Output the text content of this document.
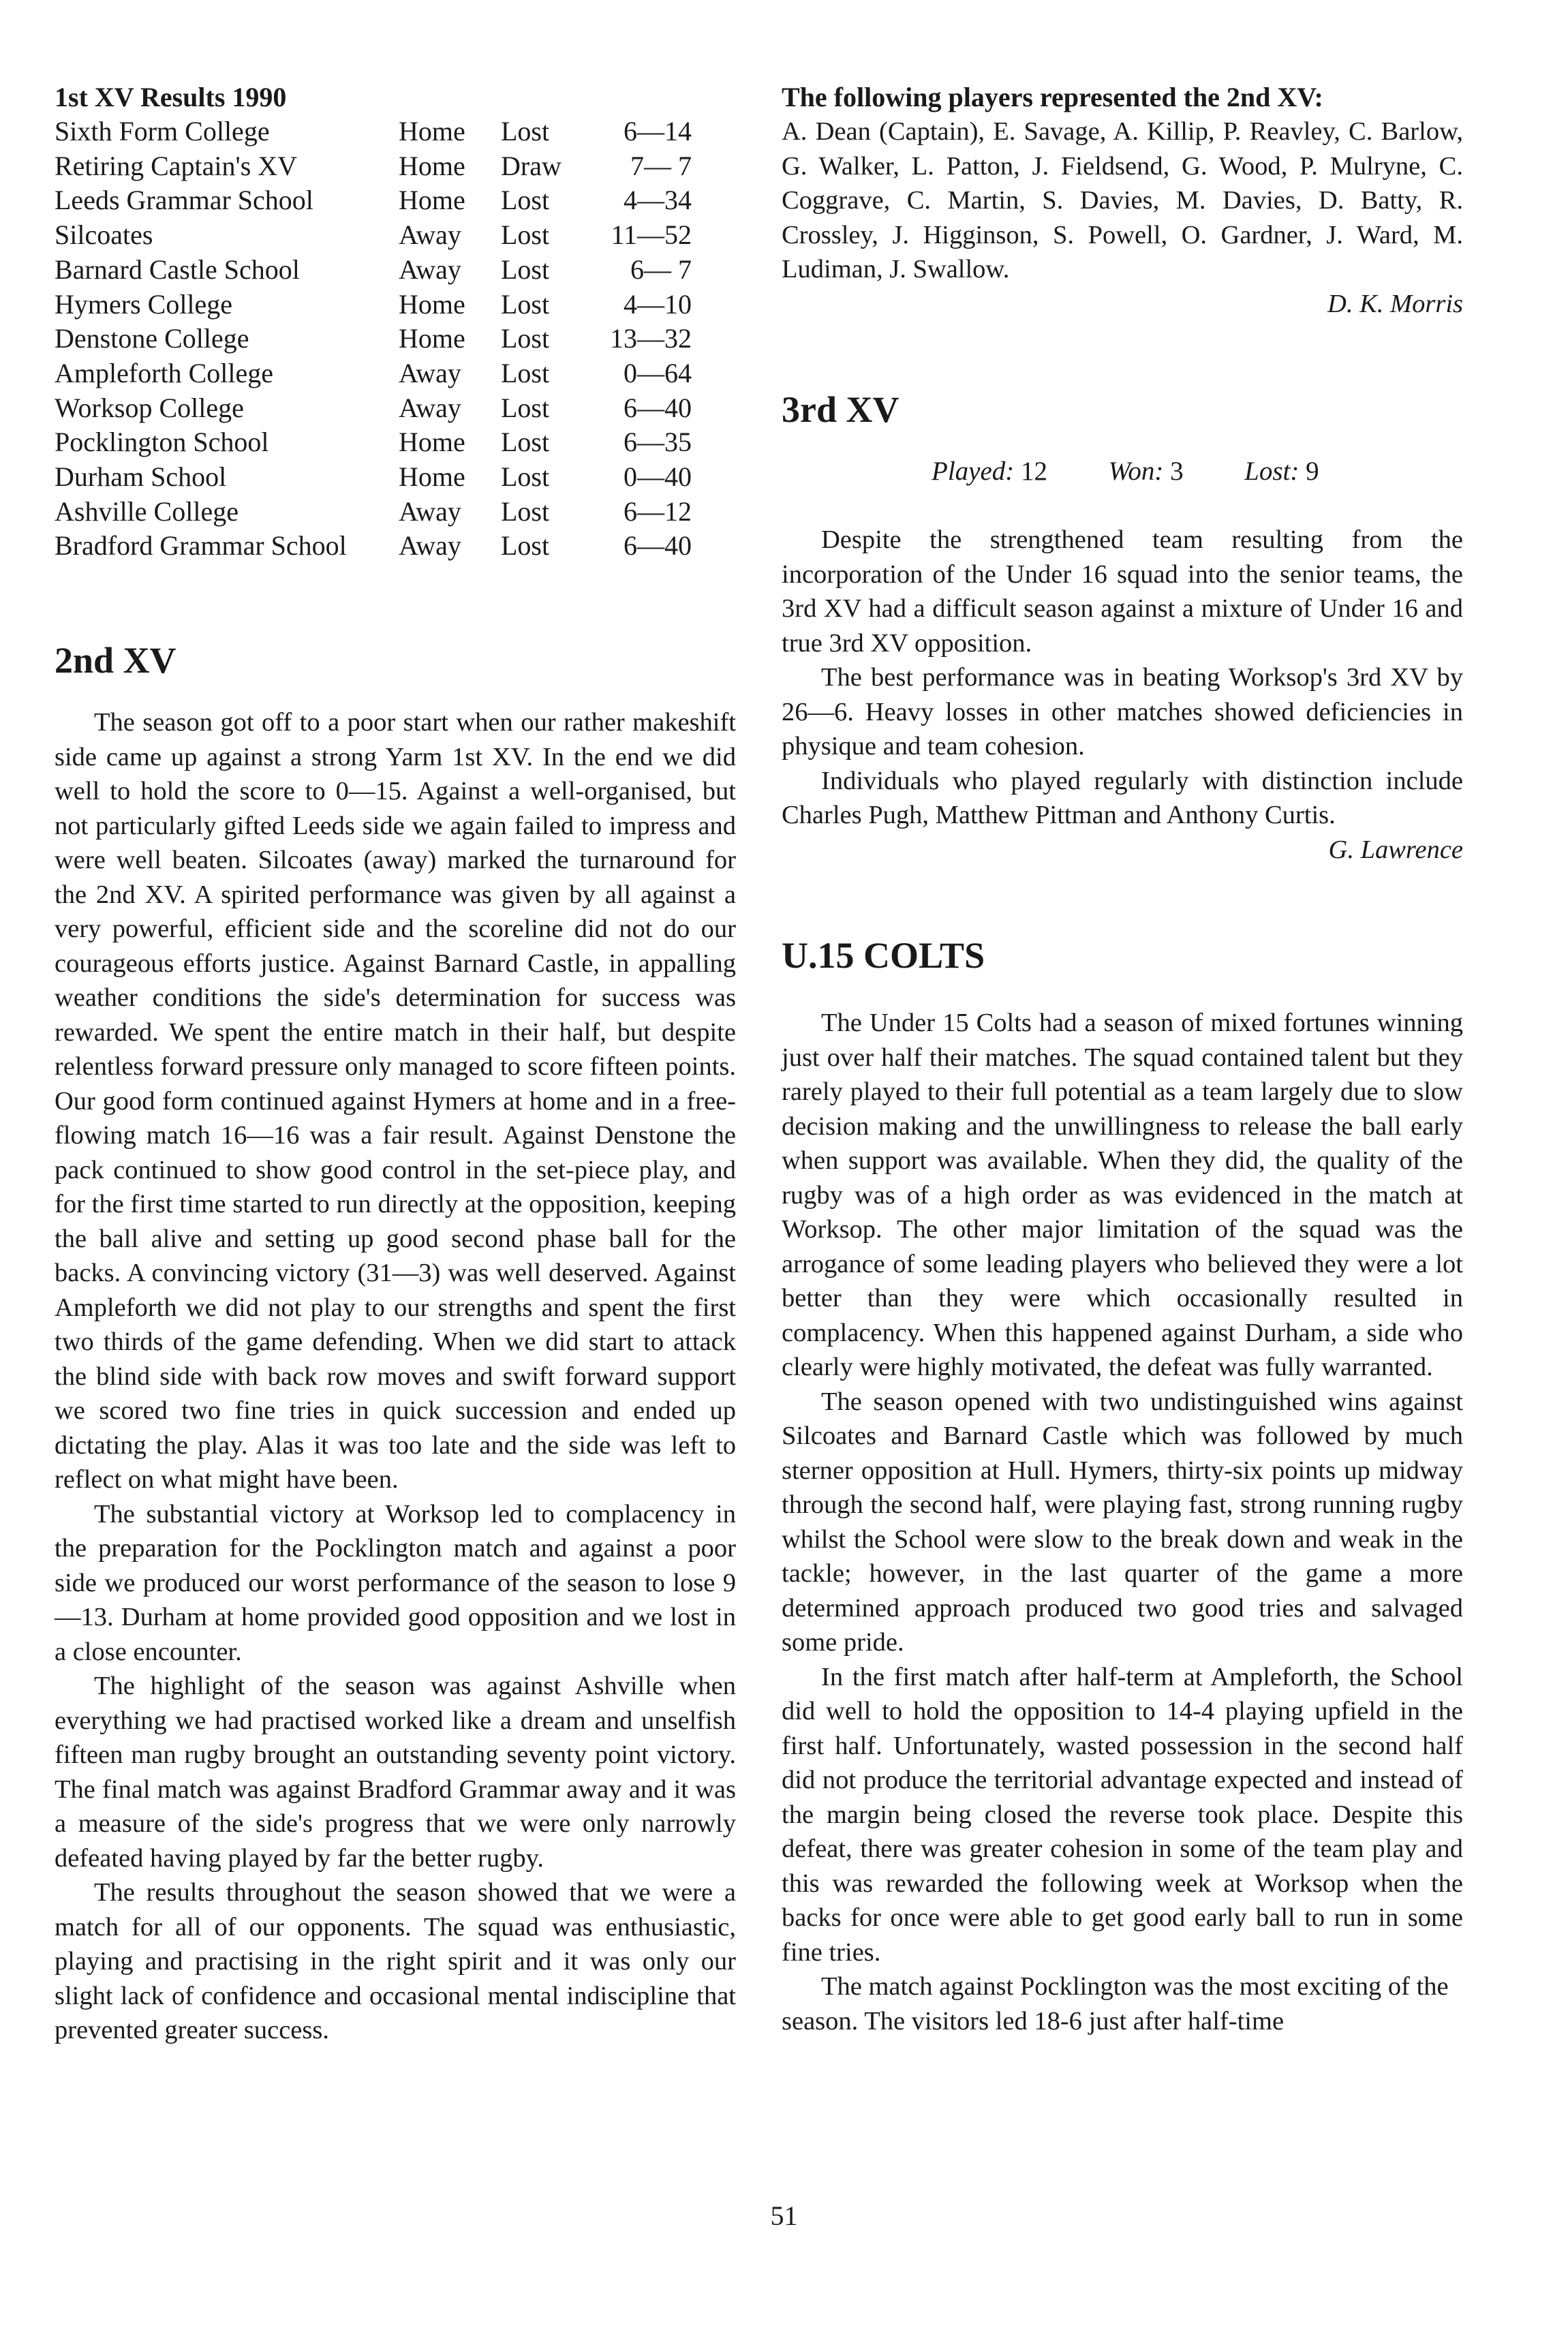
1st XV Results 1990
Sixth Form College	Home	Lost	6—14
Retiring Captain's XV	Home	Draw	7— 7
Leeds Grammar School	Home	Lost	4—34
Silcoates	Away	Lost	11—52
Barnard Castle School	Away	Lost	6— 7
Hymers College	Home	Lost	4—10
Denstone College	Home	Lost	13—32
Ampleforth College	Away	Lost	0—64
Worksop College	Away	Lost	6—40
Pocklington School	Home	Lost	6—35
Durham School	Home	Lost	0—40
Ashville College	Away	Lost	6—12
Bradford Grammar School	Away	Lost	6—40
2nd XV

The season got off to a poor start when our rather makeshift side came up against a strong Yarm 1st XV. In the end we did well to hold the score to 0—15. Against a well-organised, but not particularly gifted Leeds side we again failed to impress and were well beaten. Silcoates (away) marked the turnaround for the 2nd XV. A spirited performance was given by all against a very powerful, efficient side and the scoreline did not do our courageous efforts justice. Against Barnard Castle, in appalling weather conditions the side's determination for success was rewarded. We spent the entire match in their half, but despite relentless forward pressure only managed to score fifteen points. Our good form continued against Hymers at home and in a free-flowing match 16—16 was a fair result. Against Denstone the pack continued to show good control in the set-piece play, and for the first time started to run directly at the opposition, keeping the ball alive and setting up good second phase ball for the backs. A convincing victory (31—3) was well deserved. Against Ampleforth we did not play to our strengths and spent the first two thirds of the game defending. When we did start to attack the blind side with back row moves and swift forward support we scored two fine tries in quick succession and ended up dictating the play. Alas it was too late and the side was left to reflect on what might have been.

The substantial victory at Worksop led to complacency in the preparation for the Pocklington match and against a poor side we produced our worst performance of the season to lose 9—13. Durham at home provided good opposition and we lost in a close encounter.

The highlight of the season was against Ashville when everything we had practised worked like a dream and unselfish fifteen man rugby brought an outstanding seventy point victory. The final match was against Bradford Grammar away and it was a measure of the side's progress that we were only narrowly defeated having played by far the better rugby.

The results throughout the season showed that we were a match for all of our opponents. The squad was enthusiastic, playing and practising in the right spirit and it was only our slight lack of confidence and occasional mental indiscipline that prevented greater success.

The following players represented the 2nd XV:

A. Dean (Captain), E. Savage, A. Killip, P. Reavley, C. Barlow, G. Walker, L. Patton, J. Fieldsend, G. Wood, P. Mulryne, C. Coggrave, C. Martin, S. Davies, M. Davies, D. Batty, R. Crossley, J. Higginson, S. Powell, O. Gardner, J. Ward, M. Ludiman, J. Swallow.

D. K. Morris

3rd XV
Played: 12 Won: 3 Lost: 9

Despite the strengthened team resulting from the incorporation of the Under 16 squad into the senior teams, the 3rd XV had a difficult season against a mixture of Under 16 and true 3rd XV opposition.

The best performance was in beating Worksop's 3rd XV by 26—6. Heavy losses in other matches showed deficiencies in physique and team cohesion.

Individuals who played regularly with distinction include Charles Pugh, Matthew Pittman and Anthony Curtis.

G. Lawrence

U.15 COLTS

The Under 15 Colts had a season of mixed fortunes winning just over half their matches. The squad contained talent but they rarely played to their full potential as a team largely due to slow decision making and the unwillingness to release the ball early when support was available. When they did, the quality of the rugby was of a high order as was evidenced in the match at Worksop. The other major limitation of the squad was the arrogance of some leading players who believed they were a lot better than they were which occasionally resulted in complacency. When this happened against Durham, a side who clearly were highly motivated, the defeat was fully warranted.

The season opened with two undistinguished wins against Silcoates and Barnard Castle which was followed by much sterner opposition at Hull. Hymers, thirty-six points up midway through the second half, were playing fast, strong running rugby whilst the School were slow to the break down and weak in the tackle; however, in the last quarter of the game a more determined approach produced two good tries and salvaged some pride.

In the first match after half-term at Ampleforth, the School did well to hold the opposition to 14-4 playing upfield in the first half. Unfortunately, wasted possession in the second half did not produce the territorial advantage expected and instead of the margin being closed the reverse took place. Despite this defeat, there was greater cohesion in some of the team play and this was rewarded the following week at Worksop when the backs for once were able to get good early ball to run in some fine tries.

The match against Pocklington was the most exciting of the season. The visitors led 18-6 just after half-time

51
